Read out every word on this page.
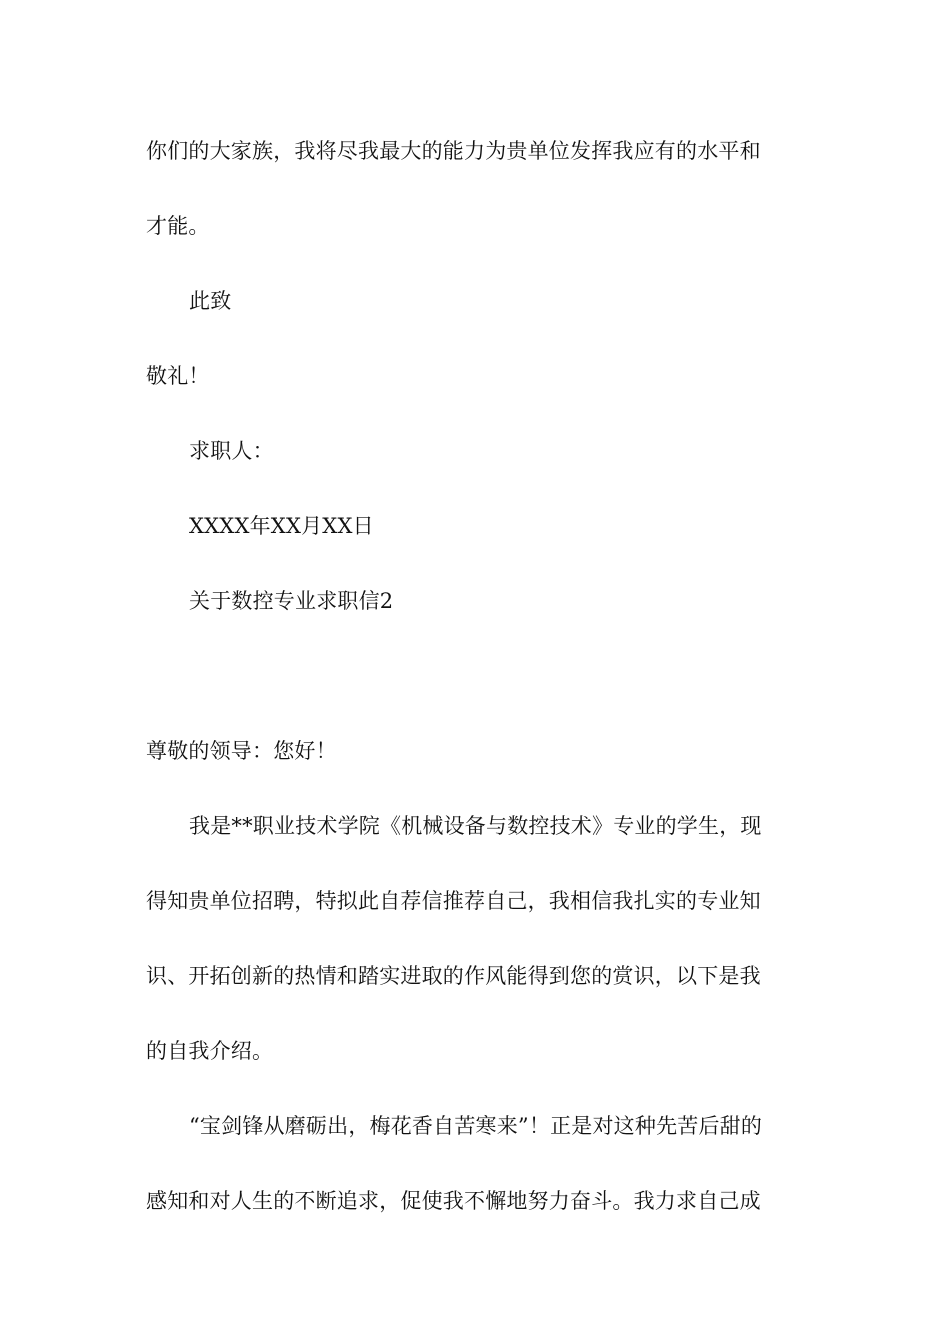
你们的大家族，我将尽我最大的能力为贵单位发挥我应有的水平和
才能。
此致
敬礼！
求职人：
XXXX年XX月XX日
关于数控专业求职信2
尊敬的领导：您好！
我是**职业技术学院《机械设备与数控技术》专业的学生，现
得知贵单位招聘，特拟此自荐信推荐自己，我相信我扎实的专业知
识、开拓创新的热情和踏实进取的作风能得到您的赏识，以下是我
的自我介绍。
“宝剑锋从磨砺出，梅花香自苦寒来”！正是对这种先苦后甜的
感知和对人生的不断追求，促使我不懈地努力奋斗。我力求自己成
